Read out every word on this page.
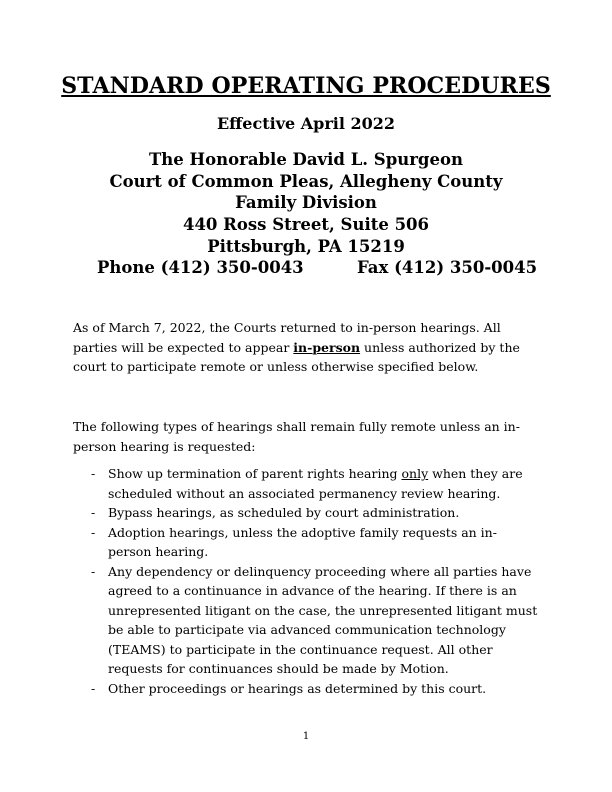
STANDARD OPERATING PROCEDURES
Effective April 2022
The Honorable David L. Spurgeon
Court of Common Pleas, Allegheny County
Family Division
440 Ross Street, Suite 506
Pittsburgh, PA 15219
Phone (412) 350-0043	Fax (412) 350-0045

As of March 7, 2022, the Courts returned to in-person hearings. All parties will be expected to appear in-person unless authorized by the court to participate remote or unless otherwise specified below.

The following types of hearings shall remain fully remote unless an in-person hearing is requested:

- Show up termination of parent rights hearing only when they are scheduled without an associated permanency review hearing.
- Bypass hearings, as scheduled by court administration.
- Adoption hearings, unless the adoptive family requests an in-person hearing.
- Any dependency or delinquency proceeding where all parties have agreed to a continuance in advance of the hearing. If there is an unrepresented litigant on the case, the unrepresented litigant must be able to participate via advanced communication technology (TEAMS) to participate in the continuance request. All other requests for continuances should be made by Motion.
- Other proceedings or hearings as determined by this court.
1
